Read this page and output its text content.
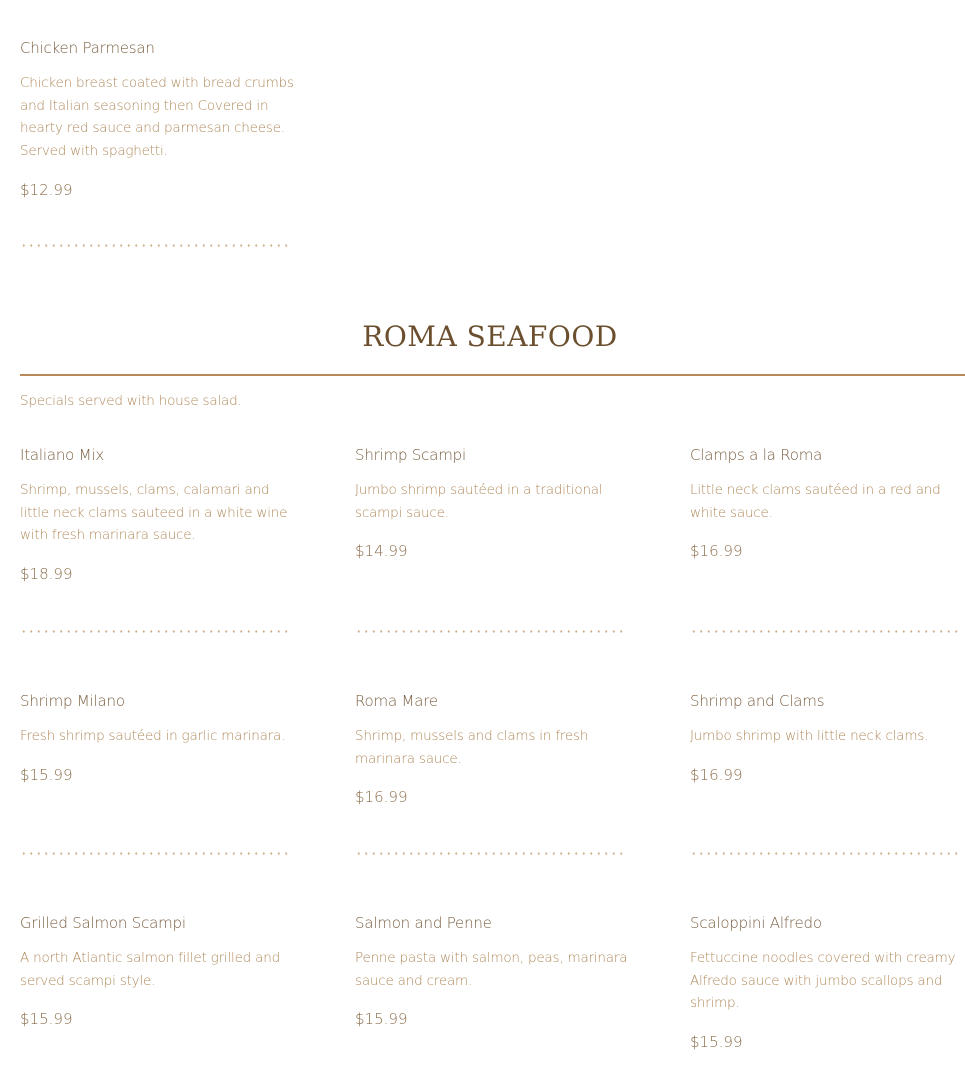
Chicken Parmesan
Chicken breast coated with bread crumbs and Italian seasoning then Covered in hearty red sauce and parmesan cheese. Served with spaghetti.
$12.99
ROMA SEAFOOD
Specials served with house salad.
Italiano Mix
Shrimp, mussels, clams, calamari and little neck clams sauteed in a white wine with fresh marinara sauce.
$18.99
Shrimp Scampi
Jumbo shrimp sautéed in a traditional scampi sauce.
$14.99
Clamps a la Roma
Little neck clams sautéed in a red and white sauce.
$16.99
Shrimp Milano
Fresh shrimp sautéed in garlic marinara.
$15.99
Roma Mare
Shrimp, mussels and clams in fresh marinara sauce.
$16.99
Shrimp and Clams
Jumbo shrimp with little neck clams.
$16.99
Grilled Salmon Scampi
A north Atlantic salmon fillet grilled and served scampi style.
$15.99
Salmon and Penne
Penne pasta with salmon, peas, marinara sauce and cream.
$15.99
Scaloppini Alfredo
Fettuccine noodles covered with creamy Alfredo sauce with jumbo scallops and shrimp.
$15.99
